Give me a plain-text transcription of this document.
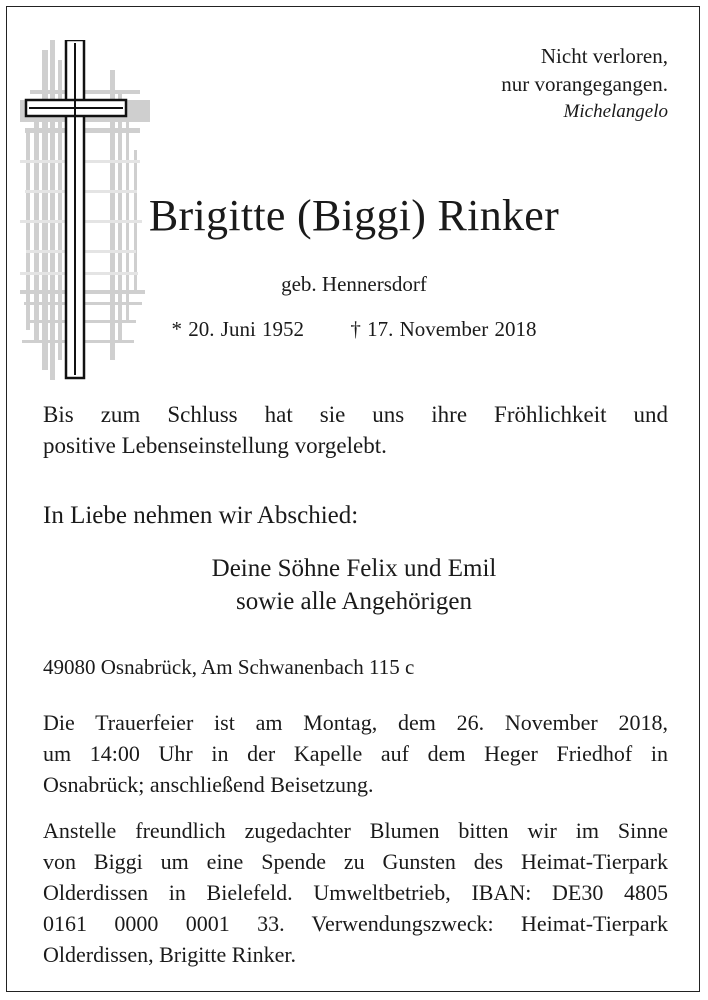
Nicht verloren,
nur vorangegangen.
Michelangelo
Brigitte (Biggi) Rinker
geb. Hennersdorf
* 20. Juni 1952 † 17. November 2018
Bis zum Schluss hat sie uns ihre Fröhlichkeit und
positive Lebenseinstellung vorgelebt.
In Liebe nehmen wir Abschied:
Deine Söhne Felix und Emil
sowie alle Angehörigen
49080 Osnabrück, Am Schwanenbach 115 c
Die Trauerfeier ist am Montag, dem 26. November 2018,
um 14:00 Uhr in der Kapelle auf dem Heger Friedhof in
Osnabrück; anschließend Beisetzung.
Anstelle freundlich zugedachter Blumen bitten wir im Sinne
von Biggi um eine Spende zu Gunsten des Heimat-Tierpark
Olderdissen in Bielefeld. Umweltbetrieb, IBAN: DE30 4805
0161 0000 0001 33. Verwendungszweck: Heimat-Tierpark
Olderdissen, Brigitte Rinker.
